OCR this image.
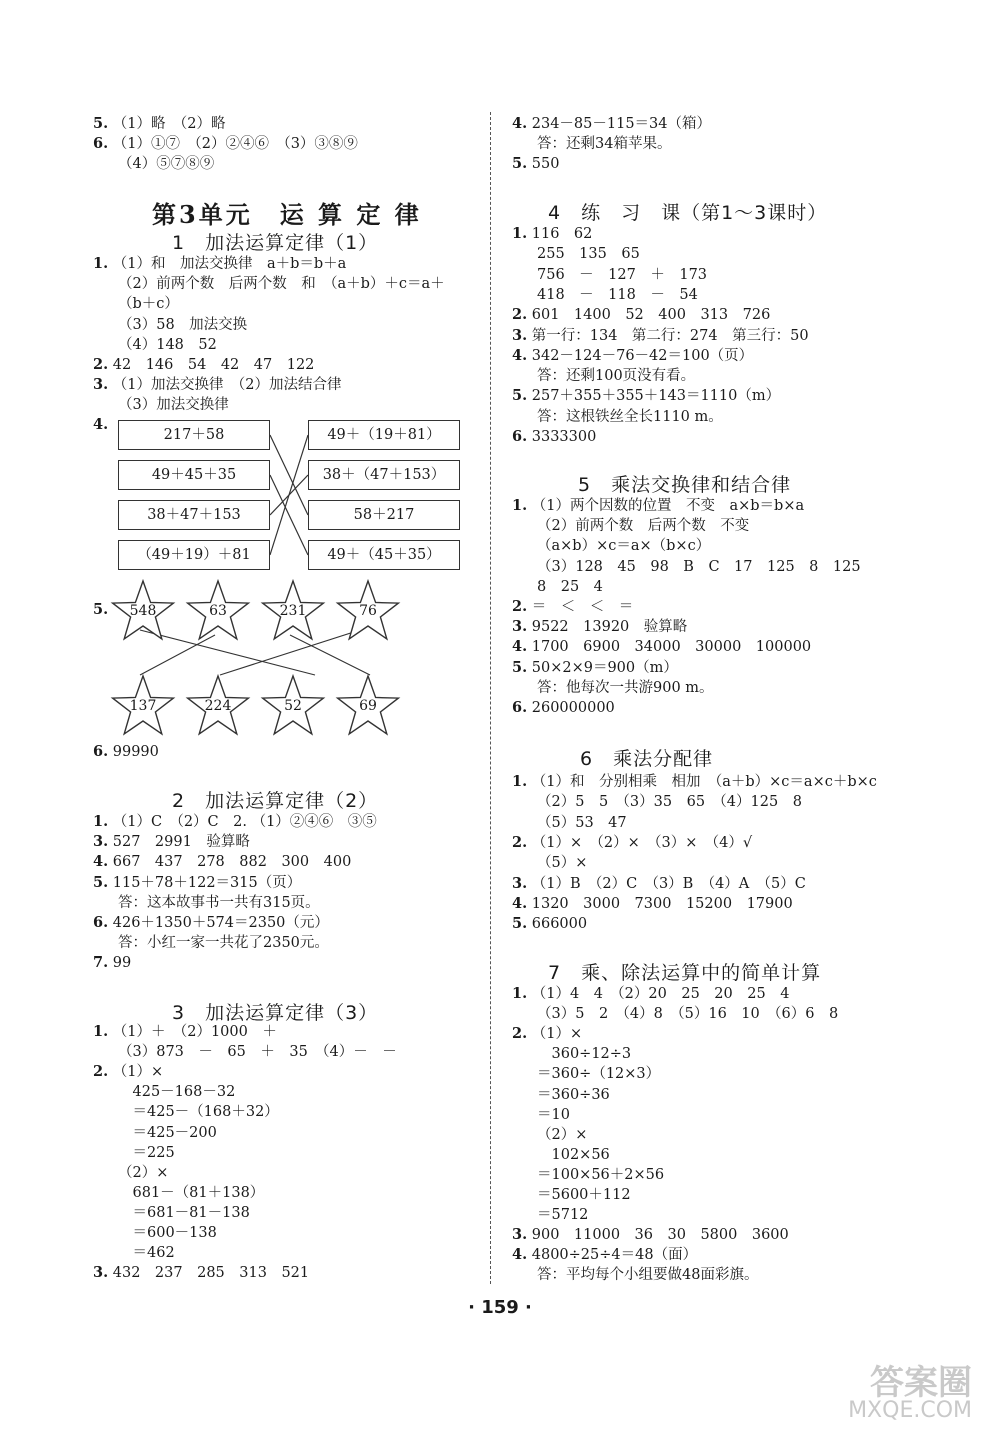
5. （1）略　（2）略
6. （1）①⑦　（2）②④⑥　（3）③⑧⑨
（4）⑤⑦⑧⑨
1　加法运算定律（1）
1. （1）和　加法交换律　a＋b＝b＋a
（2）前两个数　后两个数　和　（a＋b）＋c＝a＋
（b＋c）
（3）58　加法交换
（4）148　52
2. 42　146　54　42　47　122
3. （1）加法交换律　（2）加法结合律
（3）加法交换律
6. 99990
2　加法运算定律（2）
1. （1）C　（2）C　2. （1）②④⑥　③⑤
3. 527　2991　验算略
4. 667　437　278　882　300　400
5. 115＋78＋122＝315（页）
答：这本故事书一共有315页。
6. 426＋1350＋574＝2350（元）
答：小红一家一共花了2350元。
7. 99
3　加法运算定律（3）
1. （1）＋　（2）1000　＋
（3）873　－　65　＋　35　（4）－　－
2. （1）×
　425－168－32
　＝425－（168＋32）
　＝425－200
　＝225
（2）×
　681－（81＋138）
　＝681－81－138
　＝600－138
　＝462
3. 432　237　285　313　521
4. 234－85－115＝34（箱）
答：还剩34箱苹果。
5. 550
4　练　习　课（第1～3课时）
1. 116　62
255　135　65
756　－　127　＋　173
418　－　118　－　54
2. 601　1400　52　400　313　726
3. 第一行：134　第二行：274　第三行：50
4. 342－124－76－42＝100（页）
答：还剩100页没有看。
5. 257＋355＋355＋143＝1110（m）
答：这根铁丝全长1110 m。
6. 3333300
5　乘法交换律和结合律
1. （1）两个因数的位置　不变　a×b＝b×a
（2）前两个数　后两个数　不变
（a×b）×c＝a×（b×c）
（3）128　45　98　B　C　17　125　8　125
8　25　4
2. ＝　＜　＜　＝
3. 9522　13920　验算略
4. 1700　6900　34000　30000　100000
5. 50×2×9＝900（m）
答：他每次一共游900 m。
6. 260000000
6　乘法分配律
1. （1）和　分别相乘　相加　（a＋b）×c＝a×c＋b×c
（2）5　5　（3）35　65　（4）125　8
（5）53　47
2. （1）×　（2）×　（3）×　（4）√
（5）×
3. （1）B　（2）C　（3）B　（4）A　（5）C
4. 1320　3000　7300　15200　17900
5. 666000
7　乘、除法运算中的简单计算
1. （1）4　4　（2）20　25　20　25　4
（3）5　2　（4）8　（5）16　10　（6）6　8
2. （1）×
　360÷12÷3
＝360÷（12×3）
＝360÷36
＝10
（2）×
　102×56
＝100×56＋2×56
＝5600＋112
＝5712
3. 900　11000　36　30　5800　3600
4. 4800÷25÷4＝48（面）
答：平均每个小组要做48面彩旗。
第3单元　运 算 定 律
4.
217＋58
49＋45＋35
38＋47＋153
（49＋19）＋81
49＋（19＋81）
38＋（47＋153）
58＋217
49＋（45＋35）
5.	548	63	231	76
137	224	52	69
· 159 ·
答案圈
MXQE.COM
